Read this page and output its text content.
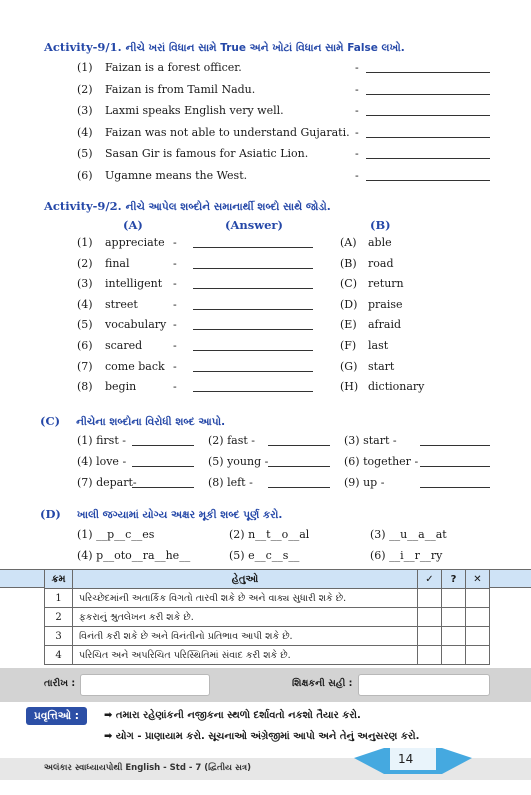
Activity-9/1. નીચે ખરાં વિધાન સામે True અને ખોટાં વિધાન સામે False લખો.
(1) Faizan is a forest officer.	-
(2) Faizan is from Tamil Nadu.	-
(3) Laxmi speaks English very well.	-
(4) Faizan was not able to understand Gujarati. -
(5) Sasan Gir is famous for Asiatic Lion.	-
(6) Ugamne means the West.	-
Activity-9/2. નીચે આપેલ શબ્દોને સમાનાર્થી શબ્દો સાથે જોડો.
(A)	(Answer)	(B)
(1) appreciate -	(A) able
(2) final	-	(B) road
(3) intelligent -	(C) return
(4) street	-	(D) praise
(5) vocabulary -	(E) afraid
(6) scared	-	(F) last
(7) come back -	(G) start
(8) begin	-	(H) dictionary
(C) નીચેના શબ્દોના વિરોધી શબ્દ આપો.
(1) first -	(2) fast -	(3) start -
(4) love -	(5) young -	(6) together -
(7) depart-	(8) left -	(9) up -
(D) ખાલી જગ્યામાં યોગ્ય અક્ષર મૂકી શબ્દ પૂર્ણ કરો.
(1) __p__c__es	(2) n__t__o__al	(3) __u__a__at
(4) p__oto__ra__he__	(5) e__c__s__	(6) __i__r__ry
ક્રમ	હેતુઓ	✓	?	✕
1	પરિચ્છેદમાંની અતાર્કિક વિગતો તારવી શકે છે અને વાક્ય સુધારી શકે છે.			
2	ફકરાનું શ્રુતલેખન કરી શકે છે.			
3	વિનંતી કરી શકે છે અને વિનંતીનો પ્રતિભાવ આપી શકે છે.			
4	પરિચિત અને અપરિચિત પરિસ્થિતિમાં સંવાદ કરી શકે છે.			
તારીખ :	શિક્ષકની સહી :
પ્રવૃત્તિઓ :	➡ તમારા રહેણાંકની નજીકના સ્થળો દર્શાવતો નકશો તૈયાર કરો.
➡ યોગ - પ્રાણાયામ કરો. સૂચનાઓ અંગ્રેજીમાં આપો અને તેનું અનુસરણ કરો.
અલંકાર સ્વાધ્યાયપોથી English - Std - 7 (દ્વિતીય સત્ર)
14
